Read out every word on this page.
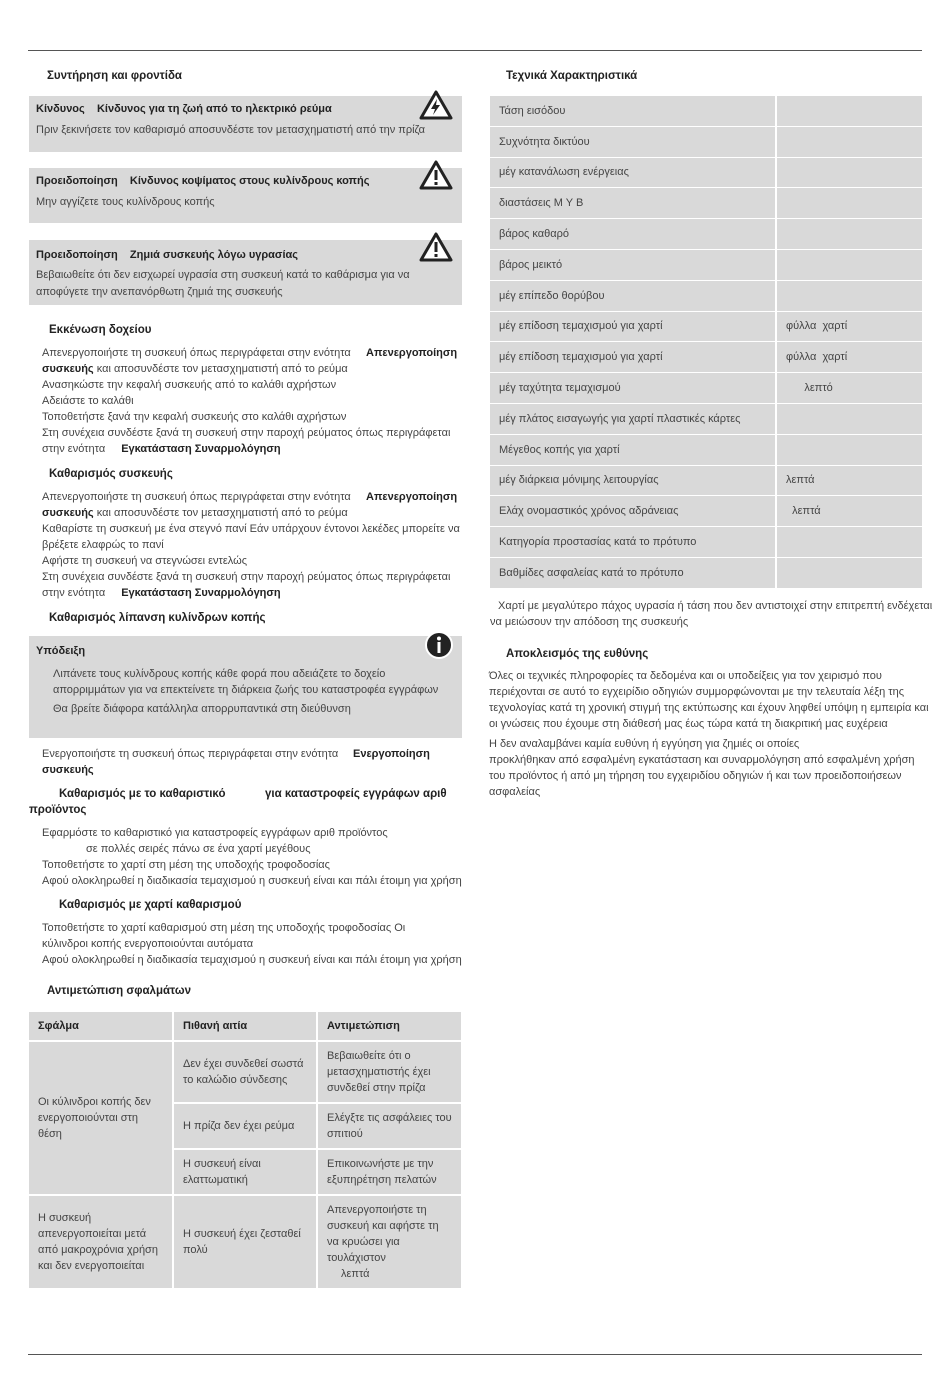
Συντήρηση και φροντίδα
Κίνδυνος Κίνδυνος για τη ζωή από το ηλεκτρικό ρεύμα
Πριν ξεκινήσετε τον καθαρισμό αποσυνδέστε τον μετασχηματιστή από την πρίζα
Προειδοποίηση Κίνδυνος κοψίματος στους κυλίνδρους κοπής
Μην αγγίζετε τους κυλίνδρους κοπής
Προειδοποίηση Ζημιά συσκευής λόγω υγρασίας
Βεβαιωθείτε ότι δεν εισχωρεί υγρασία στη συσκευή κατά το καθάρισμα για να
αποφύγετε την ανεπανόρθωτη ζημιά της συσκευής
Εκκένωση δοχείου
Απενεργοποιήστε τη συσκευή όπως περιγράφεται στην ενότητα Απενεργοποίηση
συσκευής και αποσυνδέστε τον μετασχηματιστή από το ρεύμα
Ανασηκώστε την κεφαλή συσκευής από το καλάθι αχρήστων
Αδειάστε το καλάθι
Τοποθετήστε ξανά την κεφαλή συσκευής στο καλάθι αχρήστων
Στη συνέχεια συνδέστε ξανά τη συσκευή στην παροχή ρεύματος όπως περιγράφεται
στην ενότητα Εγκατάσταση Συναρμολόγηση
Καθαρισμός συσκευής
Απενεργοποιήστε τη συσκευή όπως περιγράφεται στην ενότητα Απενεργοποίηση
συσκευής και αποσυνδέστε τον μετασχηματιστή από το ρεύμα
Καθαρίστε τη συσκευή με ένα στεγνό πανί Εάν υπάρχουν έντονοι λεκέδες μπορείτε να
βρέξετε ελαφρώς το πανί
Αφήστε τη συσκευή να στεγνώσει εντελώς
Στη συνέχεια συνδέστε ξανά τη συσκευή στην παροχή ρεύματος όπως περιγράφεται
στην ενότητα Εγκατάσταση Συναρμολόγηση
Καθαρισμός λίπανση κυλίνδρων κοπής
Υπόδειξη
Λιπάνετε τους κυλίνδρους κοπής κάθε φορά που αδειάζετε το δοχείο
απορριμμάτων για να επεκτείνετε τη διάρκεια ζωής του καταστροφέα εγγράφων
Θα βρείτε διάφορα κατάλληλα απορρυπαντικά στη διεύθυνση
Ενεργοποιήστε τη συσκευή όπως περιγράφεται στην ενότητα Ενεργοποίηση
συσκευής
Καθαρισμός με το καθαριστικό	για καταστροφείς εγγράφων αριθ
προϊόντος
Εφαρμόστε το καθαριστικό για καταστροφείς εγγράφων αριθ προϊόντος
σε πολλές σειρές πάνω σε ένα χαρτί μεγέθους
Τοποθετήστε το χαρτί στη μέση της υποδοχής τροφοδοσίας
Αφού ολοκληρωθεί η διαδικασία τεμαχισμού η συσκευή είναι και πάλι έτοιμη για χρήση
Καθαρισμός με χαρτί καθαρισμού
Τοποθετήστε το χαρτί καθαρισμού στη μέση της υποδοχής τροφοδοσίας Οι
κύλινδροι κοπής ενεργοποιούνται αυτόματα
Αφού ολοκληρωθεί η διαδικασία τεμαχισμού η συσκευή είναι και πάλι έτοιμη για χρήση
Αντιμετώπιση σφαλμάτων
Σφάλμα	Πιθανή αιτία	Αντιμετώπιση
Οι κύλινδροι κοπής δεν ενεργοποιούνται στη θέση	Δεν έχει συνδεθεί σωστά το καλώδιο σύνδεσης	Βεβαιωθείτε ότι ο μετασχηματιστής έχει συνδεθεί στην πρίζα
	Η πρίζα δεν έχει ρεύμα	Ελέγξτε τις ασφάλειες του σπιτιού
	Η συσκευή είναι ελαττωματική	Επικοινωνήστε με την εξυπηρέτηση πελατών
Η συσκευή απενεργοποιείται μετά από μακροχρόνια χρήση και δεν ενεργοποιείται	Η συσκευή έχει ζεσταθεί πολύ	Απενεργοποιήστε τη συσκευή και αφήστε τη να κρυώσει για τουλάχιστον
λεπτά
Τεχνικά Χαρακτηριστικά
Τάση εισόδου	
Συχνότητα δικτύου	
μέγ κατανάλωση ενέργειας	
διαστάσεις Μ Υ Β	
βάρος καθαρό	
βάρος μεικτό	
μέγ επίπεδο θορύβου	
μέγ επίδοση τεμαχισμού για χαρτί	φύλλα  χαρτί
μέγ επίδοση τεμαχισμού για χαρτί	φύλλα  χαρτί
μέγ ταχύτητα τεμαχισμού	λεπτό
μέγ πλάτος εισαγωγής για χαρτί πλαστικές κάρτες	
Μέγεθος κοπής για χαρτί	
μέγ διάρκεια μόνιμης λειτουργίας	λεπτά
Ελάχ ονομαστικός χρόνος αδράνειας	λεπτά
Κατηγορία προστασίας κατά το πρότυπο	
Βαθμίδες ασφαλείας κατά το πρότυπο	
Χαρτί με μεγαλύτερο πάχος υγρασία ή τάση που δεν αντιστοιχεί στην επιτρεπτή ενδέχεται
να μειώσουν την απόδοση της συσκευής
Αποκλεισμός της ευθύνης
Όλες οι τεχνικές πληροφορίες τα δεδομένα και οι υποδείξεις για τον χειρισμό που
περιέχονται σε αυτό το εγχειρίδιο οδηγιών συμμορφώνονται με την τελευταία λέξη της
τεχνολογίας κατά τη χρονική στιγμή της εκτύπωσης και έχουν ληφθεί υπόψη η εμπειρία και
οι γνώσεις που έχουμε στη διάθεσή μας έως τώρα κατά τη διακριτική μας ευχέρεια
Η δεν αναλαμβάνει καμία ευθύνη ή εγγύηση για ζημιές οι οποίες
προκλήθηκαν από εσφαλμένη εγκατάσταση και συναρμολόγηση από εσφαλμένη χρήση
του προϊόντος ή από μη τήρηση του εγχειριδίου οδηγιών ή και των προειδοποιήσεων
ασφαλείας
